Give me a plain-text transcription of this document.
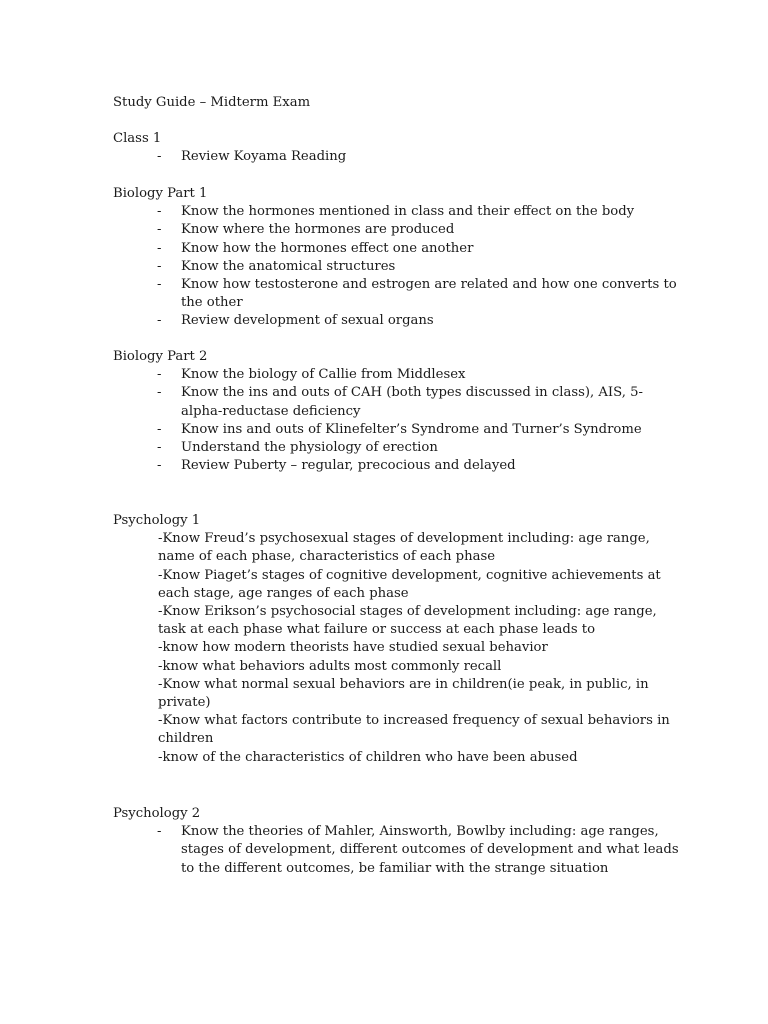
Study Guide – Midterm Exam
Class 1
- Review Koyama Reading
Biology Part 1
- Know the hormones mentioned in class and their effect on the body
- Know where the hormones are produced
- Know how the hormones effect one another
- Know the anatomical structures
- Know how testosterone and estrogen are related and how one converts to
the other
- Review development of sexual organs
Biology Part 2
- Know the biology of Callie from Middlesex
- Know the ins and outs of CAH (both types discussed in class), AIS, 5-
alpha-reductase deficiency
- Know ins and outs of Klinefelter’s Syndrome and Turner’s Syndrome
- Understand the physiology of erection
- Review Puberty – regular, precocious and delayed
Psychology 1
-Know Freud’s psychosexual stages of development including: age range,
name of each phase, characteristics of each phase
-Know Piaget’s stages of cognitive development, cognitive achievements at
each stage, age ranges of each phase
-Know Erikson’s psychosocial stages of development including: age range,
task at each phase what failure or success at each phase leads to
-know how modern theorists have studied sexual behavior
-know what behaviors adults most commonly recall
-Know what normal sexual behaviors are in children(ie peak, in public, in
private)
-Know what factors contribute to increased frequency of sexual behaviors in
children
-know of the characteristics of children who have been abused
Psychology 2
- Know the theories of Mahler, Ainsworth, Bowlby including: age ranges,
stages of development, different outcomes of development and what leads
to the different outcomes, be familiar with the strange situation
